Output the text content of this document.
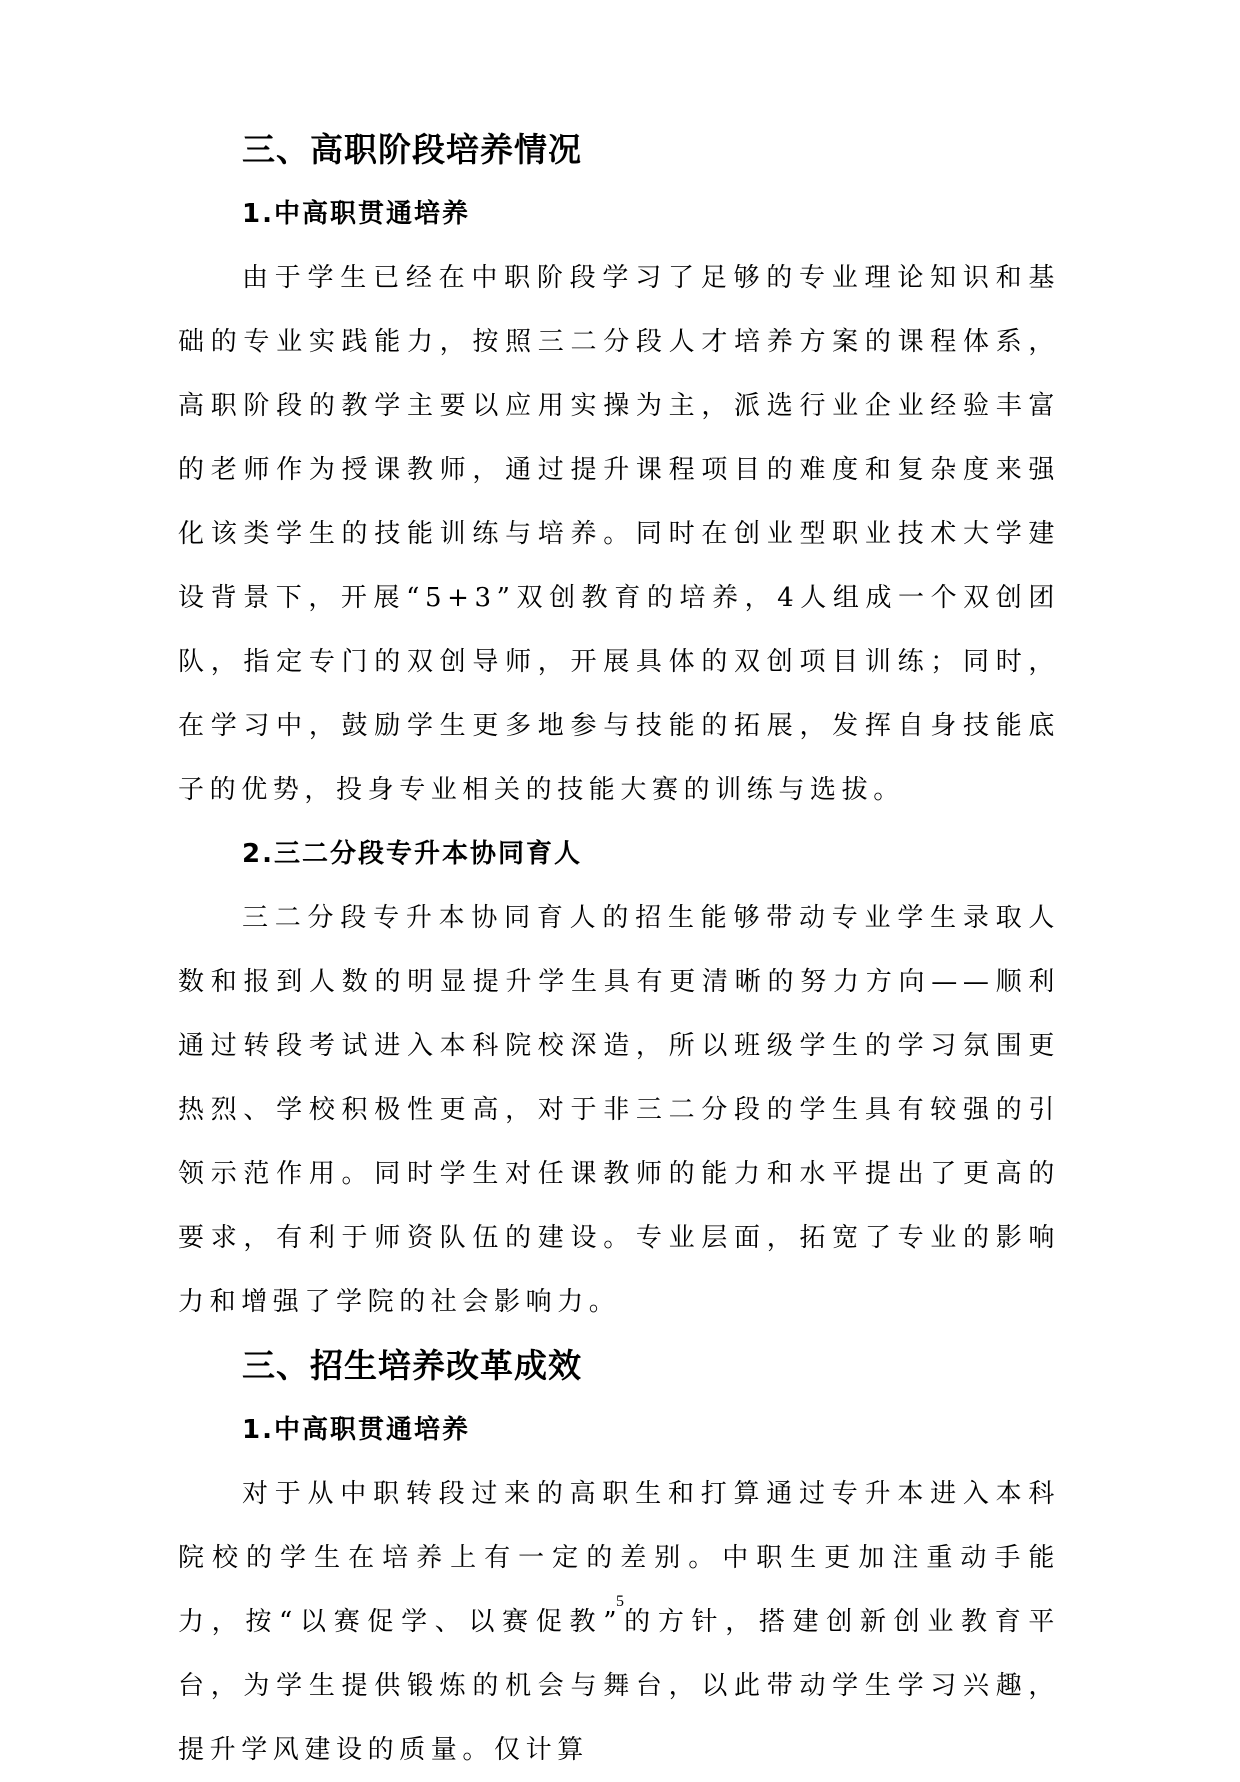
三、高职阶段培养情况
1.中高职贯通培养

由于学生已经在中职阶段学习了足够的专业理论知识和基础的专业实践能力，按照三二分段人才培养方案的课程体系，高职阶段的教学主要以应用实操为主，派选行业企业经验丰富的老师作为授课教师，通过提升课程项目的难度和复杂度来强化该类学生的技能训练与培养。同时在创业型职业技术大学建设背景下，开展“5+3”双创教育的培养，4人组成一个双创团队，指定专门的双创导师，开展具体的双创项目训练；同时，在学习中，鼓励学生更多地参与技能的拓展，发挥自身技能底子的优势，投身专业相关的技能大赛的训练与选拔。

2.三二分段专升本协同育人

三二分段专升本协同育人的招生能够带动专业学生录取人数和报到人数的明显提升学生具有更清晰的努力方向——顺利通过转段考试进入本科院校深造，所以班级学生的学习氛围更热烈、学校积极性更高，对于非三二分段的学生具有较强的引领示范作用。同时学生对任课教师的能力和水平提出了更高的要求，有利于师资队伍的建设。专业层面，拓宽了专业的影响力和增强了学院的社会影响力。

三、招生培养改革成效
1.中高职贯通培养

对于从中职转段过来的高职生和打算通过专升本进入本科院校的学生在培养上有一定的差别。中职生更加注重动手能力，按“以赛促学、以赛促教”的方针，搭建创新创业教育平台，为学生提供锻炼的机会与舞台，以此带动学生学习兴趣，提升学风建设的质量。仅计算

5
